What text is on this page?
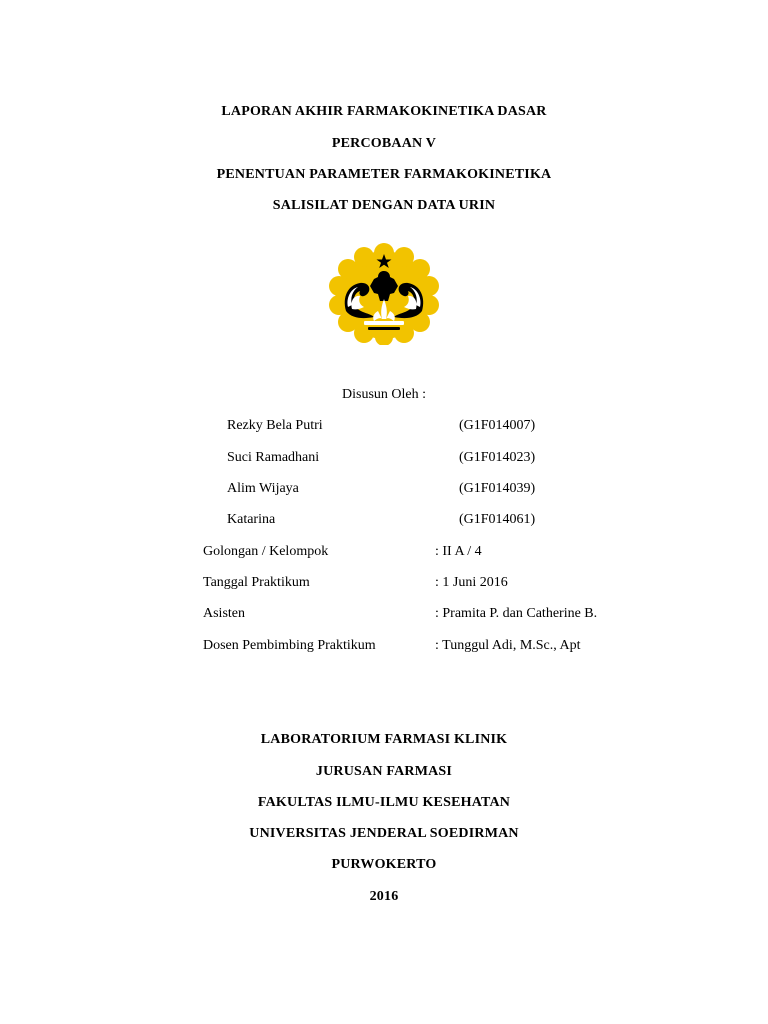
LAPORAN AKHIR FARMAKOKINETIKA DASAR
PERCOBAAN V
PENENTUAN PARAMETER FARMAKOKINETIKA
SALISILAT DENGAN DATA URIN
Disusun Oleh :
Rezky Bela Putri	(G1F014007)
Suci Ramadhani	(G1F014023)
Alim Wijaya	(G1F014039)
Katarina	(G1F014061)
Golongan / Kelompok	: II A / 4
Tanggal Praktikum	: 1 Juni 2016
Asisten	: Pramita P. dan Catherine B.
Dosen Pembimbing Praktikum	: Tunggul Adi, M.Sc., Apt
LABORATORIUM FARMASI KLINIK
JURUSAN FARMASI
FAKULTAS ILMU-ILMU KESEHATAN
UNIVERSITAS JENDERAL SOEDIRMAN
PURWOKERTO
2016
